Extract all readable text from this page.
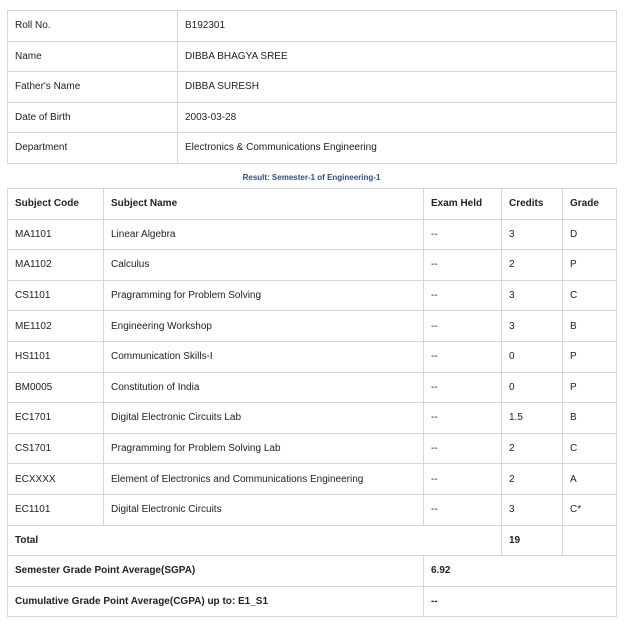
Roll No.	B192301
Name	DIBBA BHAGYA SREE
Father's Name	DIBBA SURESH
Date of Birth	2003-03-28
Department	Electronics & Communications Engineering
Result: Semester-1 of Engineering-1
Subject Code	Subject Name	Exam Held	Credits	Grade
MA1101	Linear Algebra	--	3	D
MA1102	Calculus	--	2	P
CS1101	Pragramming for Problem Solving	--	3	C
ME1102	Engineering Workshop	--	3	B
HS1101	Communication Skills-I	--	0	P
BM0005	Constitution of India	--	0	P
EC1701	Digital Electronic Circuits Lab	--	1.5	B
CS1701	Pragramming for Problem Solving Lab	--	2	C
ECXXXX	Element of Electronics and Communications Engineering	--	2	A
EC1101	Digital Electronic Circuits	--	3	C*
Total			19	
Semester Grade Point Average(SGPA)		6.92		
Cumulative Grade Point Average(CGPA) up to: E1_S1		--		
